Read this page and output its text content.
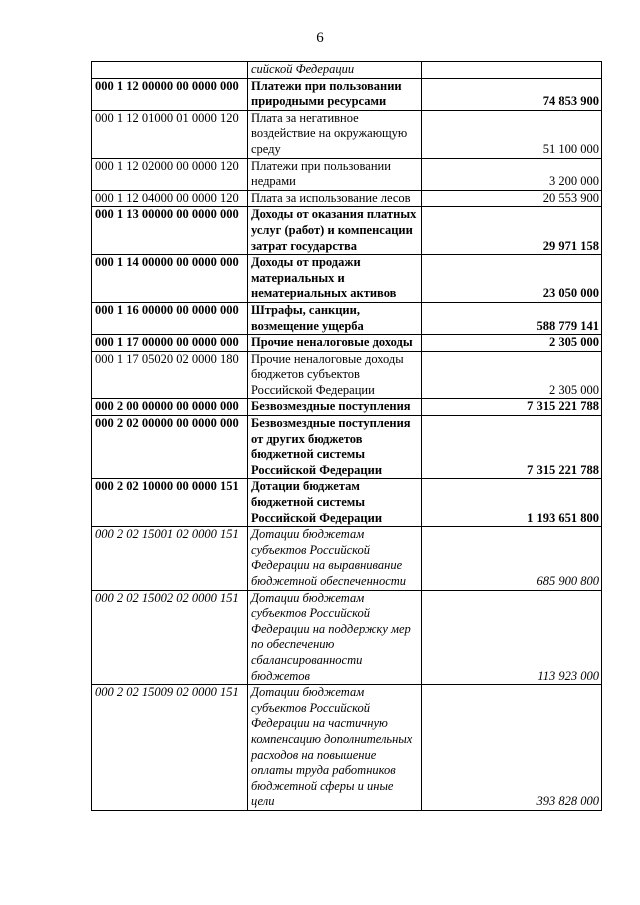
6
	сийской Федерации	
000 1 12 00000 00 0000 000	Платежи при пользовании природными ресурсами	74 853 900
000 1 12 01000 01 0000 120	Плата за негативное воздействие на окружающую среду	51 100 000
000 1 12 02000 00 0000 120	Платежи при пользовании недрами	3 200 000
000 1 12 04000 00 0000 120	Плата за использование лесов	20 553 900
000 1 13 00000 00 0000 000	Доходы от оказания платных услуг (работ) и компенсации затрат государства	29 971 158
000 1 14 00000 00 0000 000	Доходы от продажи материальных и нематериальных активов	23 050 000
000 1 16 00000 00 0000 000	Штрафы, санкции, возмещение ущерба	588 779 141
000 1 17 00000 00 0000 000	Прочие неналоговые доходы	2 305 000
000 1 17 05020 02 0000 180	Прочие неналоговые доходы бюджетов субъектов Российской Федерации	2 305 000
000 2 00 00000 00 0000 000	Безвозмездные поступления	7 315 221 788
000 2 02 00000 00 0000 000	Безвозмездные поступления от других бюджетов бюджетной системы Российской Федерации	7 315 221 788
000 2 02 10000 00 0000 151	Дотации бюджетам бюджетной системы Российской Федерации	1 193 651 800
000 2 02 15001 02 0000 151	Дотации бюджетам субъектов Российской Федерации на выравнивание бюджетной обеспеченности	685 900 800
000 2 02 15002 02 0000 151	Дотации бюджетам субъектов Российской Федерации на поддержку мер по обеспечению сбалансированности бюджетов	113 923 000
000 2 02 15009 02 0000 151	Дотации бюджетам субъектов Российской Федерации на частичную компенсацию дополнительных расходов на повышение оплаты труда работников бюджетной сферы и иные цели	393 828 000
